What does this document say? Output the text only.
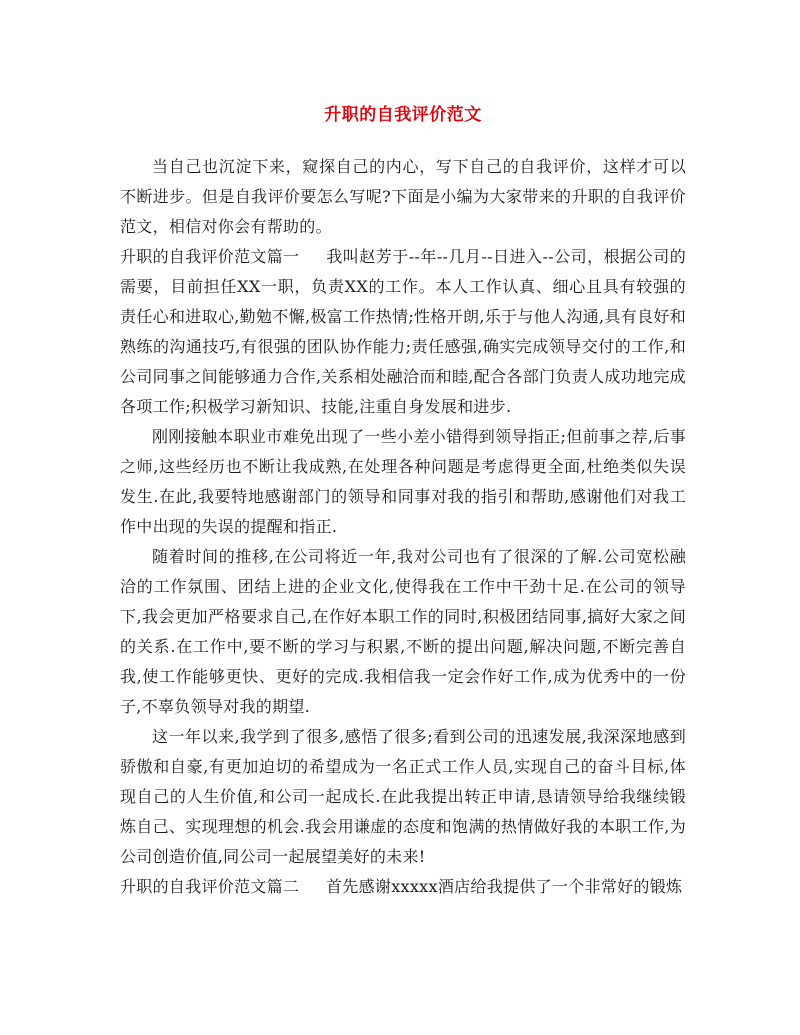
升职的自我评价范文

当自己也沉淀下来，窥探自己的内心，写下自己的自我评价，这样才可以不断进步。但是自我评价要怎么写呢?下面是小编为大家带来的升职的自我评价范文，相信对你会有帮助的。

升职的自我评价范文篇一 我叫赵芳于--年--几月--日进入--公司，根据公司的需要，目前担任XX一职，负责XX的工作。本人工作认真、细心且具有较强的责任心和进取心,勤勉不懈,极富工作热情;性格开朗,乐于与他人沟通,具有良好和熟练的沟通技巧,有很强的团队协作能力;责任感强,确实完成领导交付的工作,和公司同事之间能够通力合作,关系相处融洽而和睦,配合各部门负责人成功地完成各项工作;积极学习新知识、技能,注重自身发展和进步.

刚刚接触本职业市难免出现了一些小差小错得到领导指正;但前事之荐,后事之师,这些经历也不断让我成熟,在处理各种问题是考虑得更全面,杜绝类似失误发生.在此,我要特地感谢部门的领导和同事对我的指引和帮助,感谢他们对我工作中出现的失误的提醒和指正.

随着时间的推移,在公司将近一年,我对公司也有了很深的了解.公司宽松融洽的工作氛围、团结上进的企业文化,使得我在工作中干劲十足.在公司的领导下,我会更加严格要求自己,在作好本职工作的同时,积极团结同事,搞好大家之间的关系.在工作中,要不断的学习与积累,不断的提出问题,解决问题,不断完善自我,使工作能够更快、更好的完成.我相信我一定会作好工作,成为优秀中的一份子,不辜负领导对我的期望.

这一年以来,我学到了很多,感悟了很多;看到公司的迅速发展,我深深地感到骄傲和自豪,有更加迫切的希望成为一名正式工作人员,实现自己的奋斗目标,体现自己的人生价值,和公司一起成长.在此我提出转正申请,恳请领导给我继续锻炼自己、实现理想的机会.我会用谦虚的态度和饱满的热情做好我的本职工作,为公司创造价值,同公司一起展望美好的未来!

升职的自我评价范文篇二 首先感谢xxxxx酒店给我提供了一个非常好的锻炼
